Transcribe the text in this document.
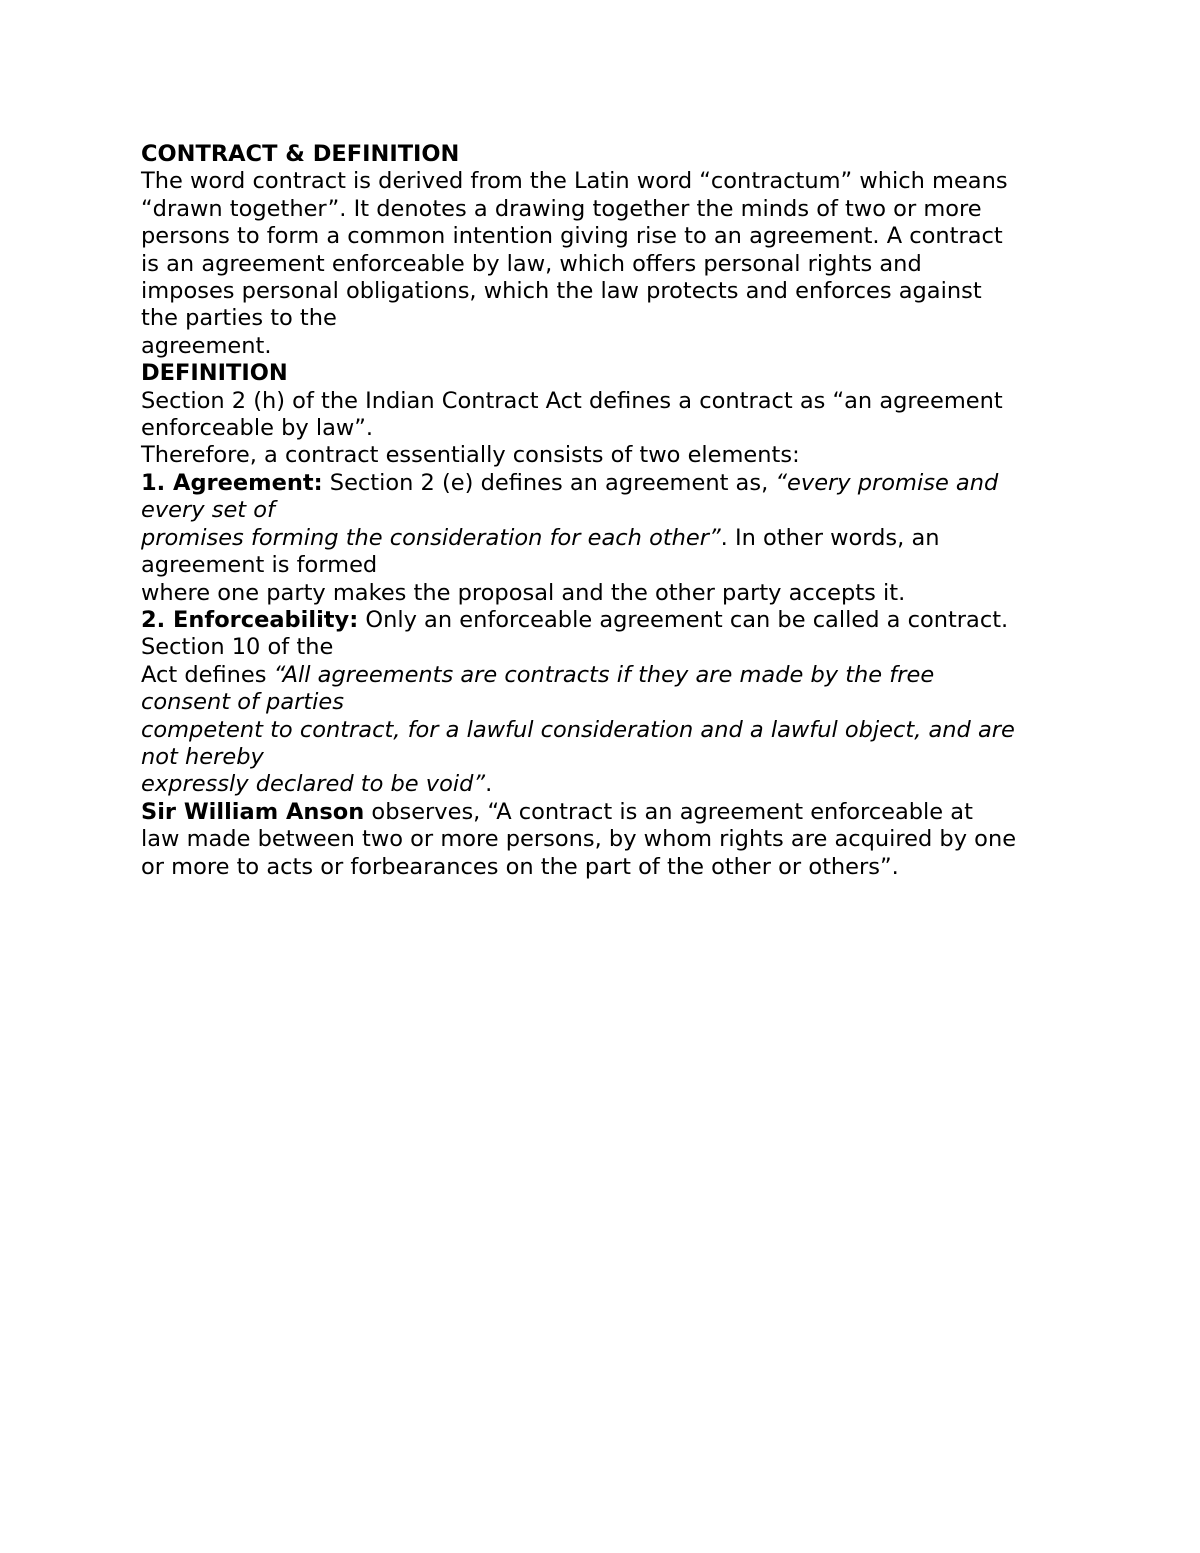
CONTRACT & DEFINITION
The word contract is derived from the Latin word “contractum” which means
“drawn together”. It denotes a drawing together the minds of two or more
persons to form a common intention giving rise to an agreement. A contract
is an agreement enforceable by law, which offers personal rights and
imposes personal obligations, which the law protects and enforces against
the parties to the
agreement.
DEFINITION
Section 2 (h) of the Indian Contract Act defines a contract as “an agreement
enforceable by law”.
Therefore, a contract essentially consists of two elements:
1. Agreement: Section 2 (e) defines an agreement as, “every promise and
every set of
promises forming the consideration for each other”. In other words, an
agreement is formed
where one party makes the proposal and the other party accepts it.
2. Enforceability: Only an enforceable agreement can be called a contract.
Section 10 of the
Act defines “All agreements are contracts if they are made by the free
consent of parties
competent to contract, for a lawful consideration and a lawful object, and are
not hereby
expressly declared to be void”.
Sir William Anson observes, “A contract is an agreement enforceable at
law made between two or more persons, by whom rights are acquired by one
or more to acts or forbearances on the part of the other or others”.
